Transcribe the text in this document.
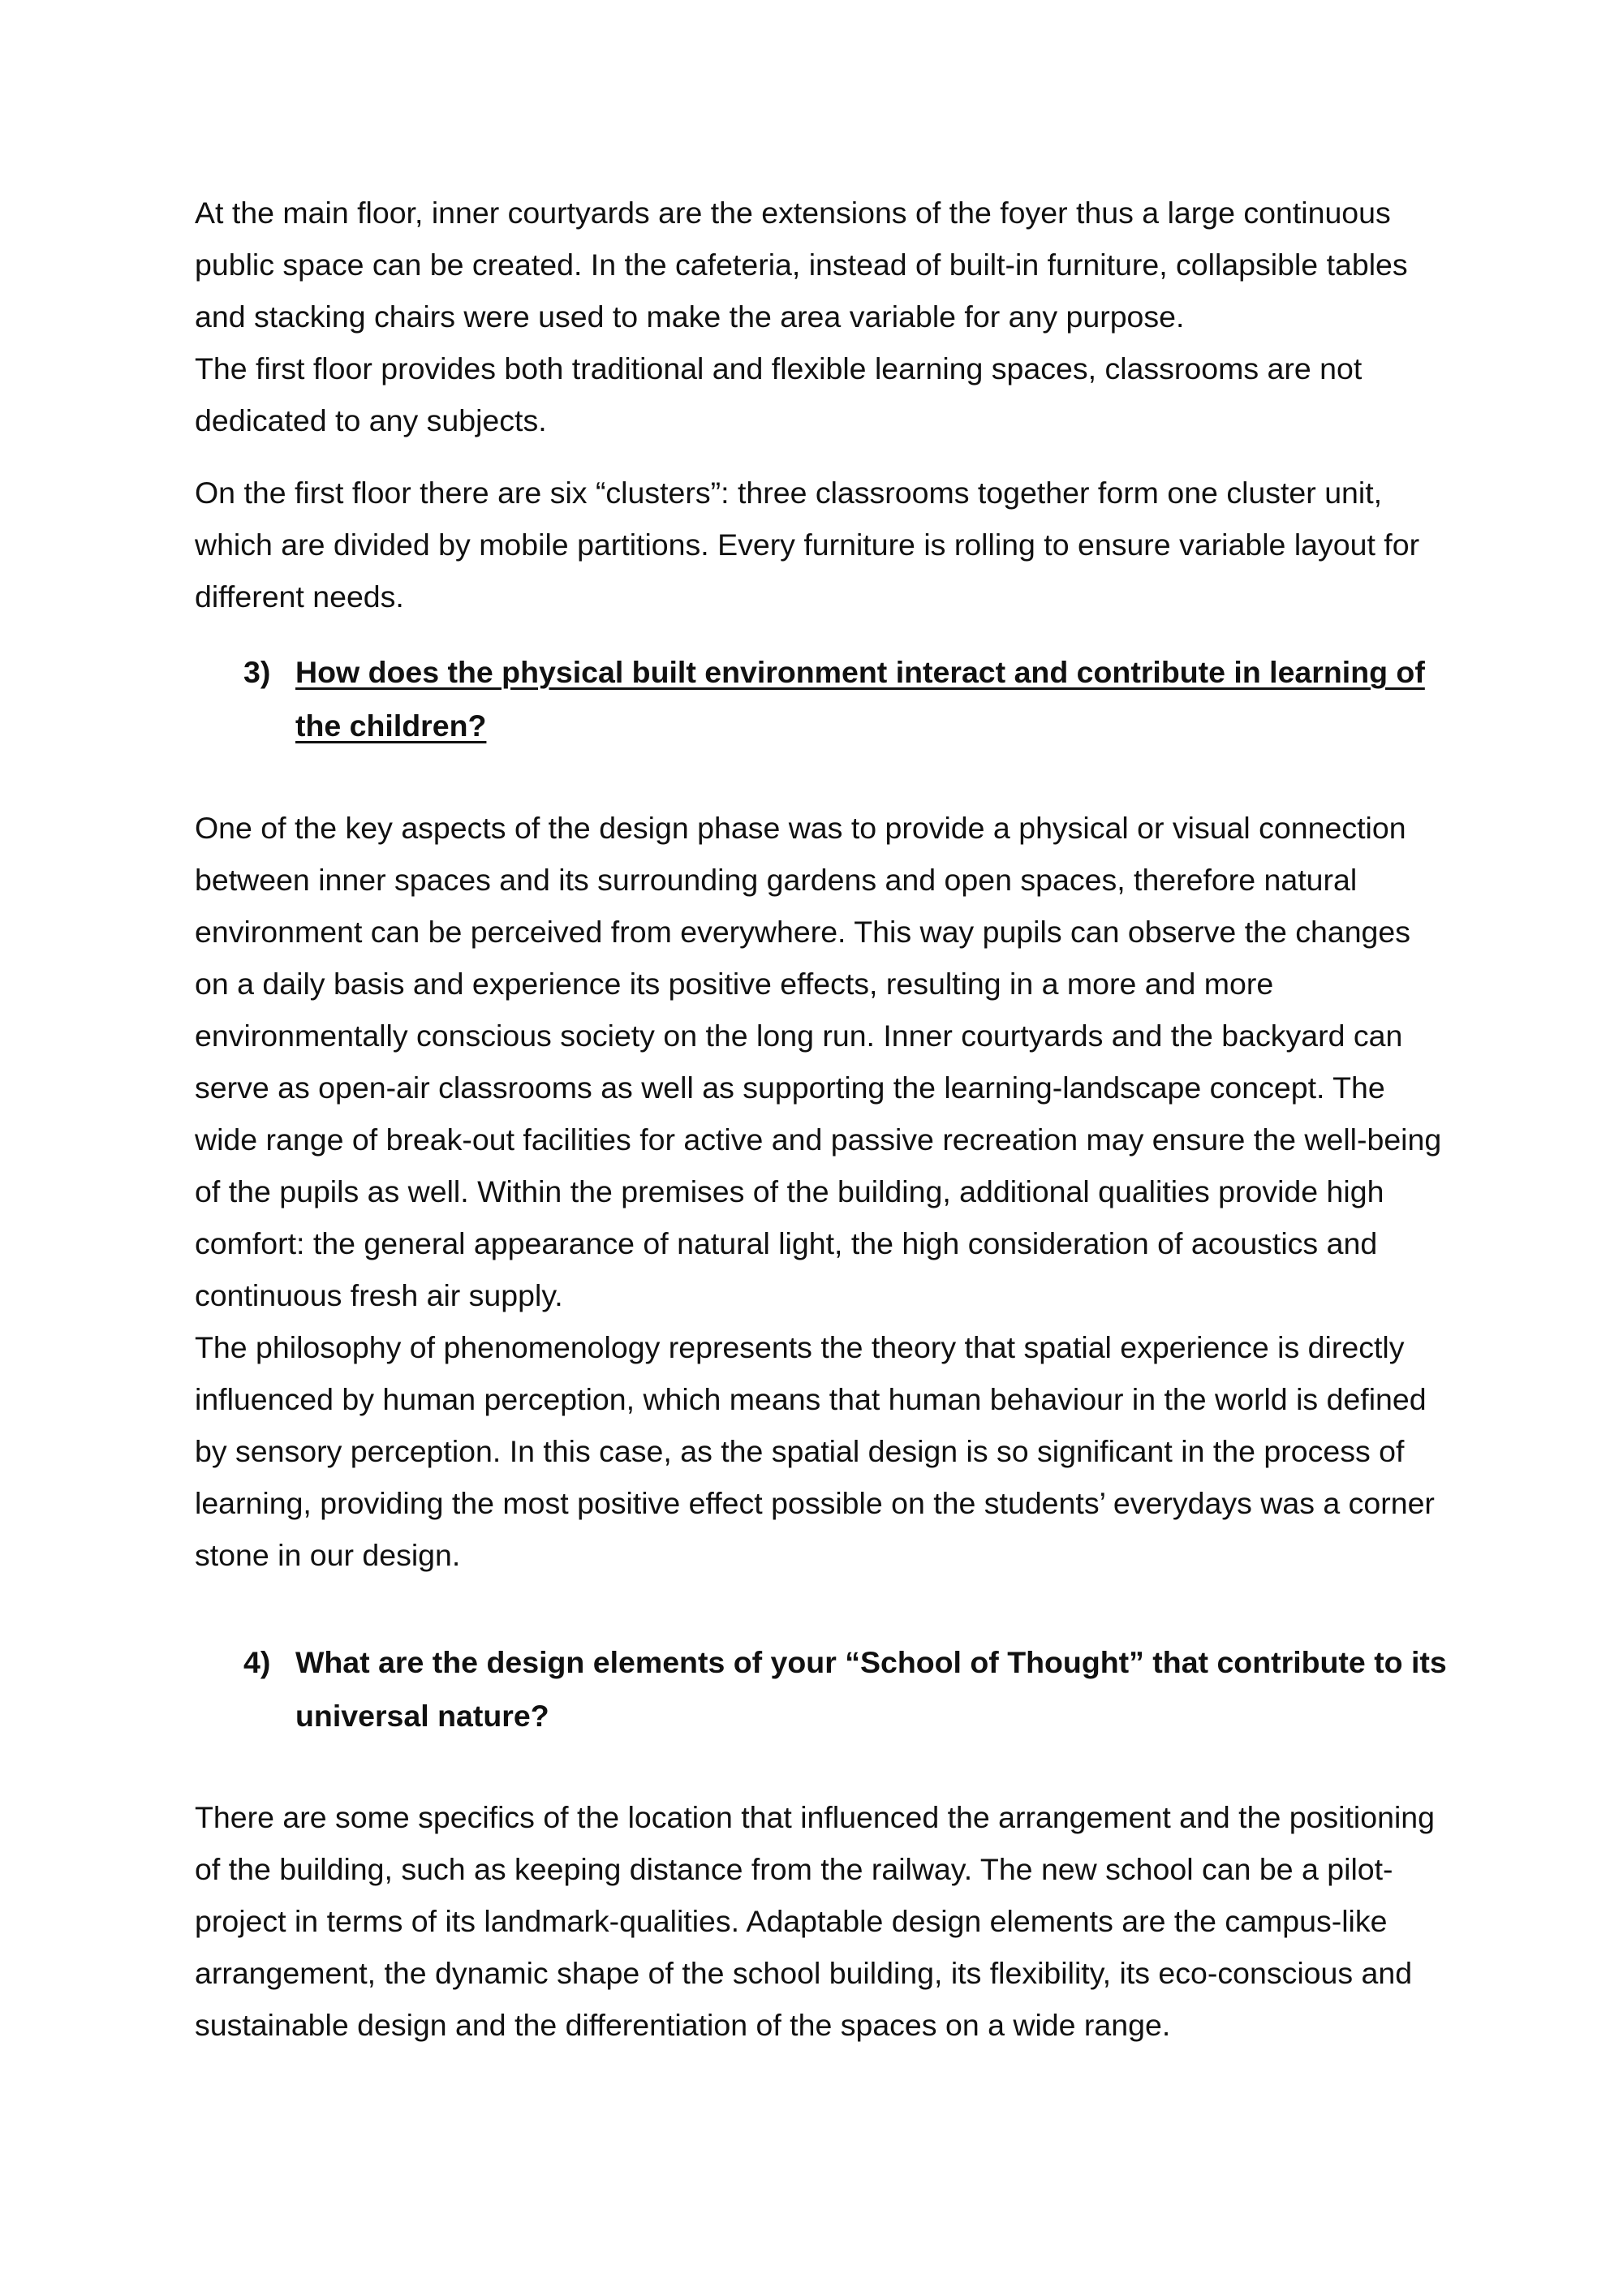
At the main floor, inner courtyards are the extensions of the foyer thus a large continuous
public space can be created. In the cafeteria, instead of built-in furniture, collapsible tables
and stacking chairs were used to make the area variable for any purpose.
The first floor provides both traditional and flexible learning spaces, classrooms are not
dedicated to any subjects.
On the first floor there are six “clusters”: three classrooms together form one cluster unit,
which are divided by mobile partitions. Every furniture is rolling to ensure variable layout for
different needs.
3) How does the physical built environment interact and contribute in learning of
the children?
One of the key aspects of the design phase was to provide a physical or visual connection
between inner spaces and its surrounding gardens and open spaces, therefore natural
environment can be perceived from everywhere. This way pupils can observe the changes
on a daily basis and experience its positive effects, resulting in a more and more
environmentally conscious society on the long run. Inner courtyards and the backyard can
serve as open-air classrooms as well as supporting the learning-landscape concept. The
wide range of break-out facilities for active and passive recreation may ensure the well-being
of the pupils as well. Within the premises of the building, additional qualities provide high
comfort: the general appearance of natural light, the high consideration of acoustics and
continuous fresh air supply.
The philosophy of phenomenology represents the theory that spatial experience is directly
influenced by human perception, which means that human behaviour in the world is defined
by sensory perception. In this case, as the spatial design is so significant in the process of
learning, providing the most positive effect possible on the students’ everydays was a corner
stone in our design.
4) What are the design elements of your “School of Thought” that contribute to its
universal nature?
There are some specifics of the location that influenced the arrangement and the positioning
of the building, such as keeping distance from the railway. The new school can be a pilot-
project in terms of its landmark-qualities. Adaptable design elements are the campus-like
arrangement, the dynamic shape of the school building, its flexibility, its eco-conscious and
sustainable design and the differentiation of the spaces on a wide range.
